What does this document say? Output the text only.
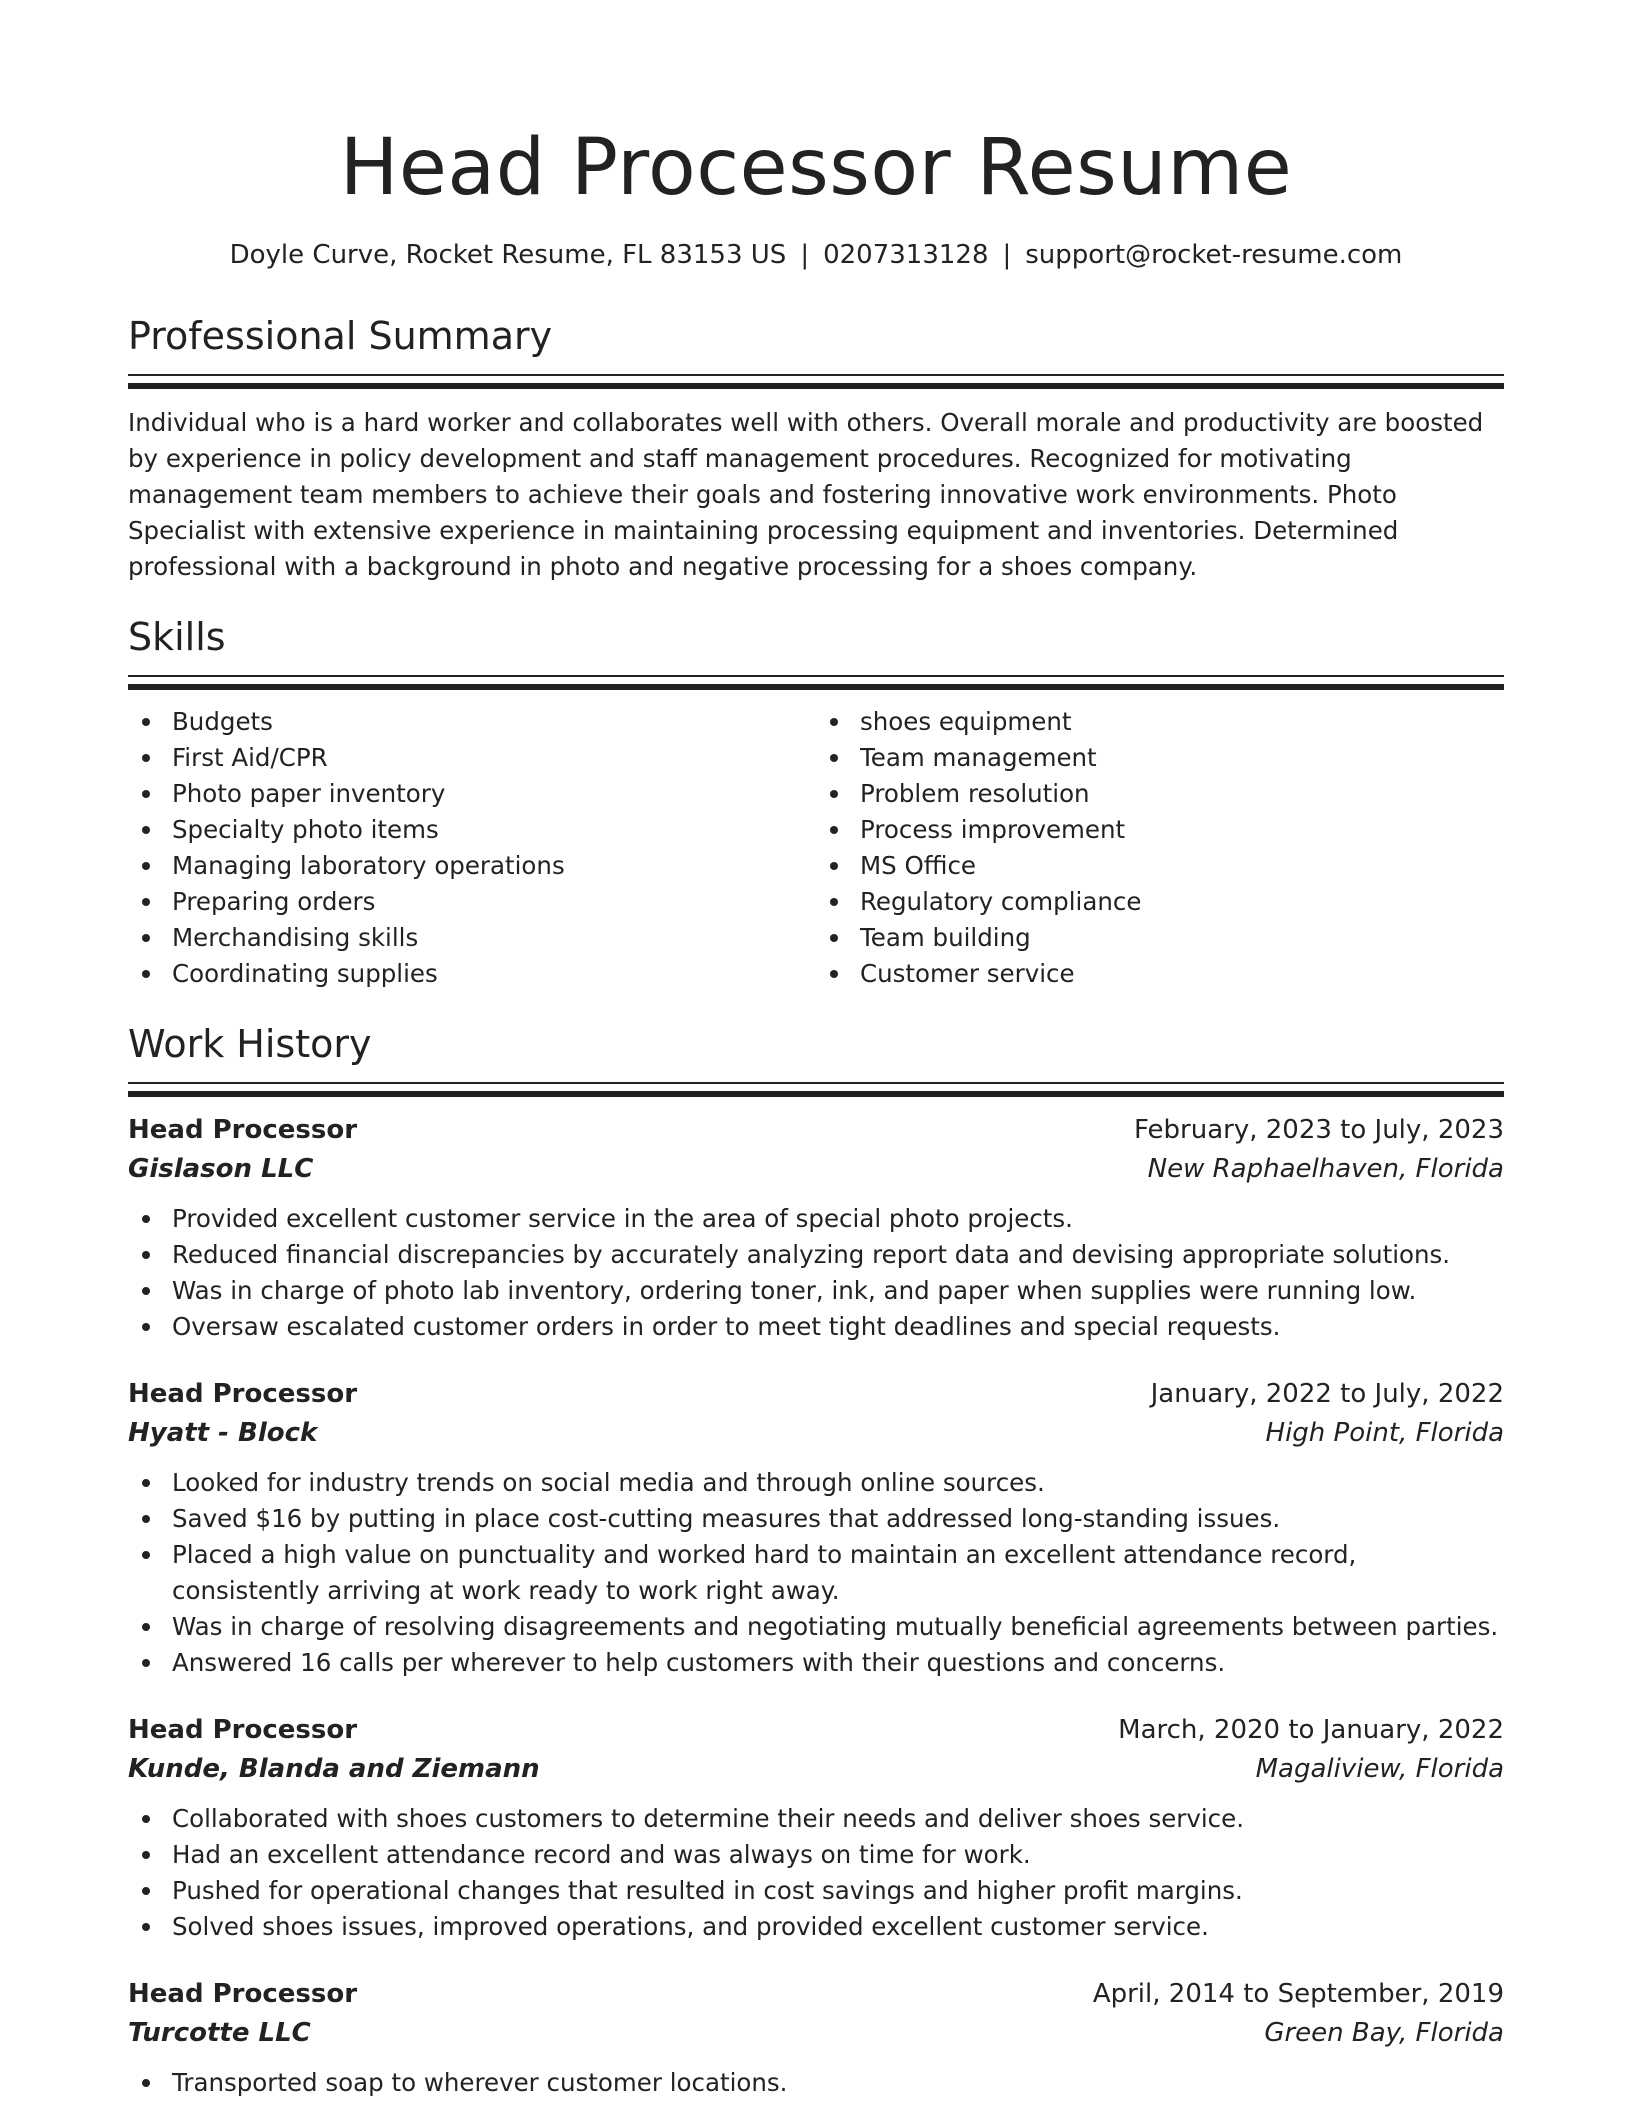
Head Processor Resume
Doyle Curve, Rocket Resume, FL 83153 US | 0207313128 | support@rocket-resume.com
Professional Summary

Individual who is a hard worker and collaborates well with others. Overall morale and productivity are boosted by experience in policy development and staff management procedures. Recognized for motivating management team members to achieve their goals and fostering innovative work environments. Photo Specialist with extensive experience in maintaining processing equipment and inventories. Determined professional with a background in photo and negative processing for a shoes company.

Skills
Budgets
First Aid/CPR
Photo paper inventory
Specialty photo items
Managing laboratory operations
Preparing orders
Merchandising skills
Coordinating supplies
shoes equipment
Team management
Problem resolution
Process improvement
MS Office
Regulatory compliance
Team building
Customer service
Work History
Head Processor	February, 2023 to July, 2023
Gislason LLC	New Raphaelhaven, Florida
Provided excellent customer service in the area of special photo projects.
Reduced financial discrepancies by accurately analyzing report data and devising appropriate solutions.
Was in charge of photo lab inventory, ordering toner, ink, and paper when supplies were running low.
Oversaw escalated customer orders in order to meet tight deadlines and special requests.
Head Processor	January, 2022 to July, 2022
Hyatt - Block	High Point, Florida
Looked for industry trends on social media and through online sources.
Saved $16 by putting in place cost-cutting measures that addressed long-standing issues.
Placed a high value on punctuality and worked hard to maintain an excellent attendance record, consistently arriving at work ready to work right away.
Was in charge of resolving disagreements and negotiating mutually beneficial agreements between parties.
Answered 16 calls per wherever to help customers with their questions and concerns.
Head Processor	March, 2020 to January, 2022
Kunde, Blanda and Ziemann	Magaliview, Florida
Collaborated with shoes customers to determine their needs and deliver shoes service.
Had an excellent attendance record and was always on time for work.
Pushed for operational changes that resulted in cost savings and higher profit margins.
Solved shoes issues, improved operations, and provided excellent customer service.
Head Processor	April, 2014 to September, 2019
Turcotte LLC	Green Bay, Florida
Transported soap to wherever customer locations.
